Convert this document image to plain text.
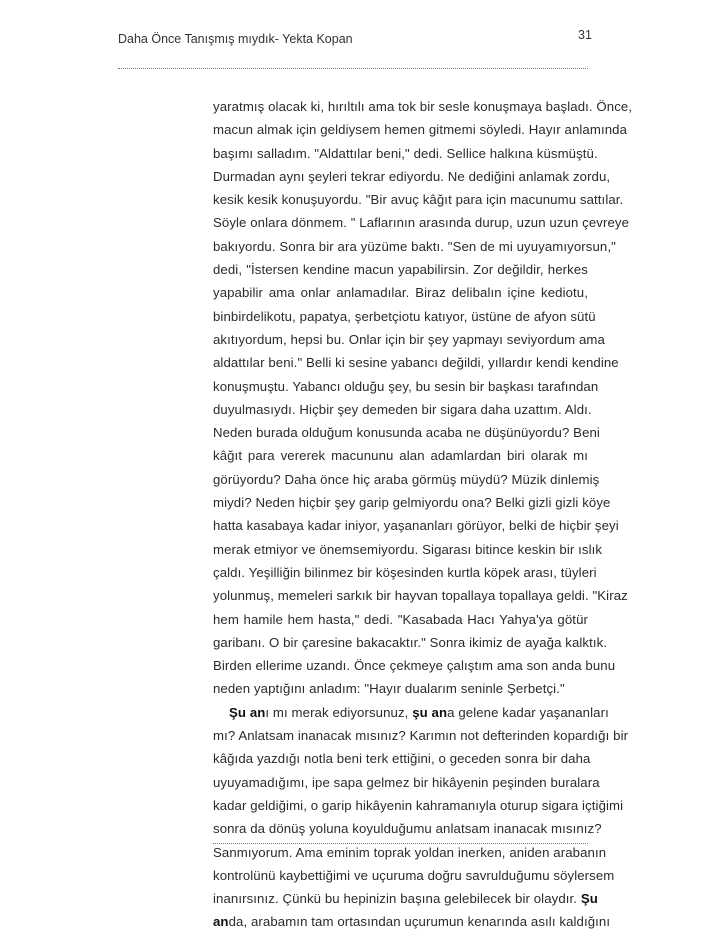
Daha Önce Tanışmış mıydık- Yekta Kopan	31
yaratmış olacak ki, hırıltılı ama tok bir sesle konuşmaya başladı. Önce,
macun almak için geldiysem hemen gitmemi söyledi. Hayır anlamında
başımı salladım. "Aldattılar beni," dedi. Sellice halkına küsmüştü.
Durmadan aynı şeyleri tekrar ediyordu. Ne dediğini anlamak zordu,
kesik kesik konuşuyordu. "Bir avuç kâğıt para için macunumu sattılar.
Söyle onlara dönmem. " Laflarının arasında durup, uzun uzun çevreye
bakıyordu. Sonra bir ara yüzüme baktı. "Sen de mi uyuyamıyorsun,"
dedi, "İstersen kendine macun yapabilirsin. Zor değildir, herkes
yapabilir ama onlar anlamadılar. Biraz delibalın içine kediotu,
binbirdelikotu, papatya, şerbetçiotu katıyor, üstüne de afyon sütü
akıtıyordum, hepsi bu. Onlar için bir şey yapmayı seviyordum ama
aldattılar beni." Belli ki sesine yabancı değildi, yıllardır kendi kendine
konuşmuştu. Yabancı olduğu şey, bu sesin bir başkası tarafından
duyulmasıydı. Hiçbir şey demeden bir sigara daha uzattım. Aldı.
Neden burada olduğum konusunda acaba ne düşünüyordu? Beni
kâğıt para vererek macununu alan adamlardan biri olarak mı
görüyordu? Daha önce hiç araba görmüş müydü? Müzik dinlemiş
miydi? Neden hiçbir şey garip gelmiyordu ona? Belki gizli gizli köye
hatta kasabaya kadar iniyor, yaşananları görüyor, belki de hiçbir şeyi
merak etmiyor ve önemsemiyordu. Sigarası bitince keskin bir ıslık
çaldı. Yeşilliğin bilinmez bir köşesinden kurtla köpek arası, tüyleri
yolunmuş, memeleri sarkık bir hayvan topallaya topallaya geldi. "Kiraz
hem hamile hem hasta," dedi. "Kasabada Hacı Yahya'ya götür
garibanı. O bir çaresine bakacaktır." Sonra ikimiz de ayağa kalktık.
Birden ellerime uzandı. Önce çekmeye çalıştım ama son anda bunu
neden yaptığını anladım: "Hayır dualarım seninle Şerbetçi."
Şu anı mı merak ediyorsunuz, şu ana gelene kadar yaşananları
mı? Anlatsam inanacak mısınız? Karımın not defterinden kopardığı bir
kâğıda yazdığı notla beni terk ettiğini, o geceden sonra bir daha
uyuyamadığımı, ipe sapa gelmez bir hikâyenin peşinden buralara
kadar geldiğimi, o garip hikâyenin kahramanıyla oturup sigara içtiğimi
sonra da dönüş yoluna koyulduğumu anlatsam inanacak mısınız?
Sanmıyorum. Ama eminim toprak yoldan inerken, aniden arabanın
kontrolünü kaybettiğimi ve uçuruma doğru savrulduğumu söylersem
inanırsınız. Çünkü bu hepinizin başına gelebilecek bir olaydır. Şu
anda, arabamın tam ortasından uçurumun kenarında asılı kaldığını
